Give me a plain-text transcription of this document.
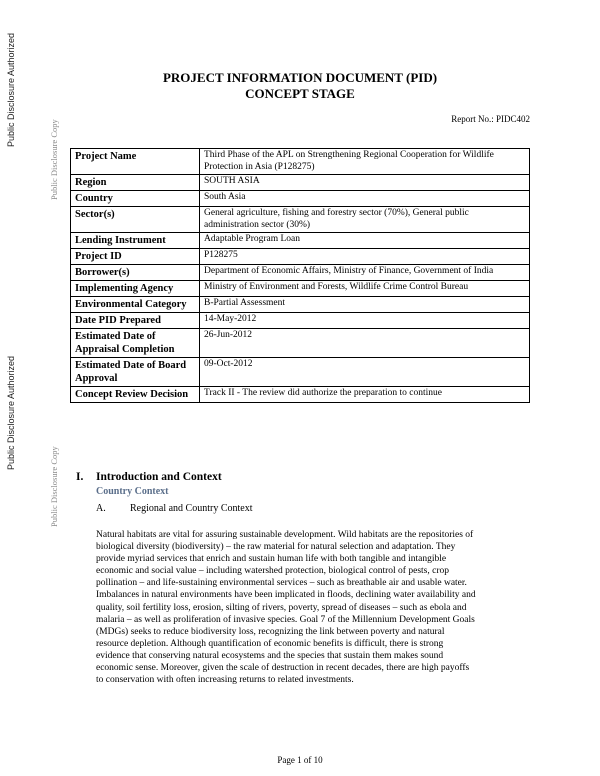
Public Disclosure Authorized
Public Disclosure Authorized
Public Disclosure Copy
Public Disclosure Copy
PROJECT INFORMATION DOCUMENT (PID)
CONCEPT STAGE
Report No.: PIDC402
Project Name	Third Phase of the APL on Strengthening Regional Cooperation for Wildlife Protection in Asia (P128275)
Region	SOUTH ASIA
Country	South Asia
Sector(s)	General agriculture, fishing and forestry sector (70%), General public administration sector (30%)
Lending Instrument	Adaptable Program Loan
Project ID	P128275
Borrower(s)	Department of Economic Affairs, Ministry of Finance, Government of India
Implementing Agency	Ministry of Environment and Forests, Wildlife Crime Control Bureau
Environmental Category	B-Partial Assessment
Date PID Prepared	14-May-2012
Estimated Date of Appraisal Completion	26-Jun-2012
Estimated Date of Board Approval	09-Oct-2012
Concept Review Decision	Track II - The review did authorize the preparation to continue
I. Introduction and Context
Country Context
A. Regional and Country Context
Natural habitats are vital for assuring sustainable development. Wild habitats are the repositories of
biological diversity (biodiversity) – the raw material for natural selection and adaptation. They
provide myriad services that enrich and sustain human life with both tangible and intangible
economic and social value – including watershed protection, biological control of pests, crop
pollination – and life-sustaining environmental services – such as breathable air and usable water.
Imbalances in natural environments have been implicated in floods, declining water availability and
quality, soil fertility loss, erosion, silting of rivers, poverty, spread of diseases – such as ebola and
malaria – as well as proliferation of invasive species. Goal 7 of the Millennium Development Goals
(MDGs) seeks to reduce biodiversity loss, recognizing the link between poverty and natural
resource depletion. Although quantification of economic benefits is difficult, there is strong
evidence that conserving natural ecosystems and the species that sustain them makes sound
economic sense. Moreover, given the scale of destruction in recent decades, there are high payoffs
to conservation with often increasing returns to related investments.
Page 1 of 10
